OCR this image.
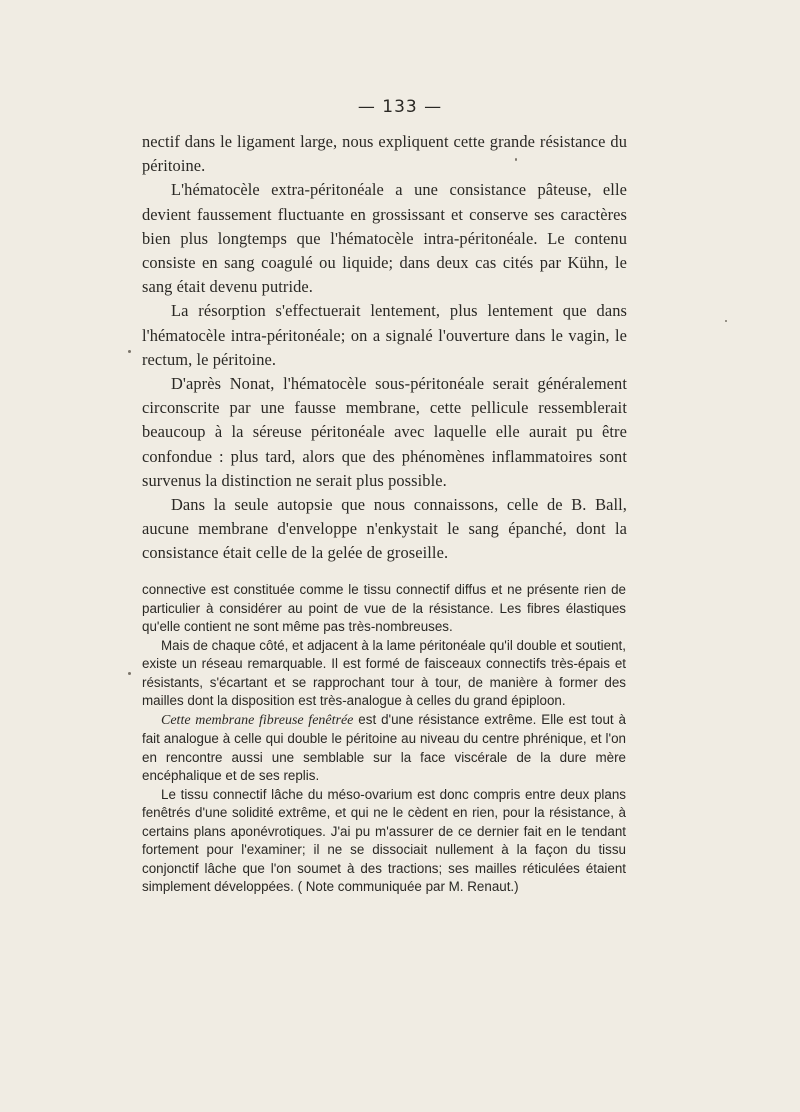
— 133 —

nectif dans le ligament large, nous expliquent cette grande résistance du péritoine.

L'hématocèle extra-péritonéale a une consistance pâteuse, elle devient faussement fluctuante en grossissant et conserve ses caractères bien plus longtemps que l'hématocèle intra-péritonéale. Le contenu consiste en sang coagulé ou liquide; dans deux cas cités par Kühn, le sang était devenu putride.

La résorption s'effectuerait lentement, plus lentement que dans l'hématocèle intra-péritonéale; on a signalé l'ouverture dans le vagin, le rectum, le péritoine.

D'après Nonat, l'hématocèle sous-péritonéale serait généralement circonscrite par une fausse membrane, cette pellicule ressemblerait beaucoup à la séreuse péritonéale avec laquelle elle aurait pu être confondue : plus tard, alors que des phénomènes inflammatoires sont survenus la distinction ne serait plus possible.

Dans la seule autopsie que nous connaissons, celle de B. Ball, aucune membrane d'enveloppe n'enkystait le sang épanché, dont la consistance était celle de la gelée de groseille.

connective est constituée comme le tissu connectif diffus et ne présente rien de particulier à considérer au point de vue de la résistance. Les fibres élastiques qu'elle contient ne sont même pas très-nombreuses.

Mais de chaque côté, et adjacent à la lame péritonéale qu'il double et soutient, existe un réseau remarquable. Il est formé de faisceaux connectifs très-épais et résistants, s'écartant et se rapprochant tour à tour, de manière à former des mailles dont la disposition est très-analogue à celles du grand épiploon.

Cette membrane fibreuse fenêtrée est d'une résistance extrême. Elle est tout à fait analogue à celle qui double le péritoine au niveau du centre phrénique, et l'on en rencontre aussi une semblable sur la face viscérale de la dure mère encéphalique et de ses replis.

Le tissu connectif lâche du méso-ovarium est donc compris entre deux plans fenêtrés d'une solidité extrême, et qui ne le cèdent en rien, pour la résistance, à certains plans aponévrotiques. J'ai pu m'assurer de ce dernier fait en le tendant fortement pour l'examiner; il ne se dissociait nullement à la façon du tissu conjonctif lâche que l'on soumet à des tractions; ses mailles réticulées étaient simplement développées. ( Note communiquée par M. Renaut.)
